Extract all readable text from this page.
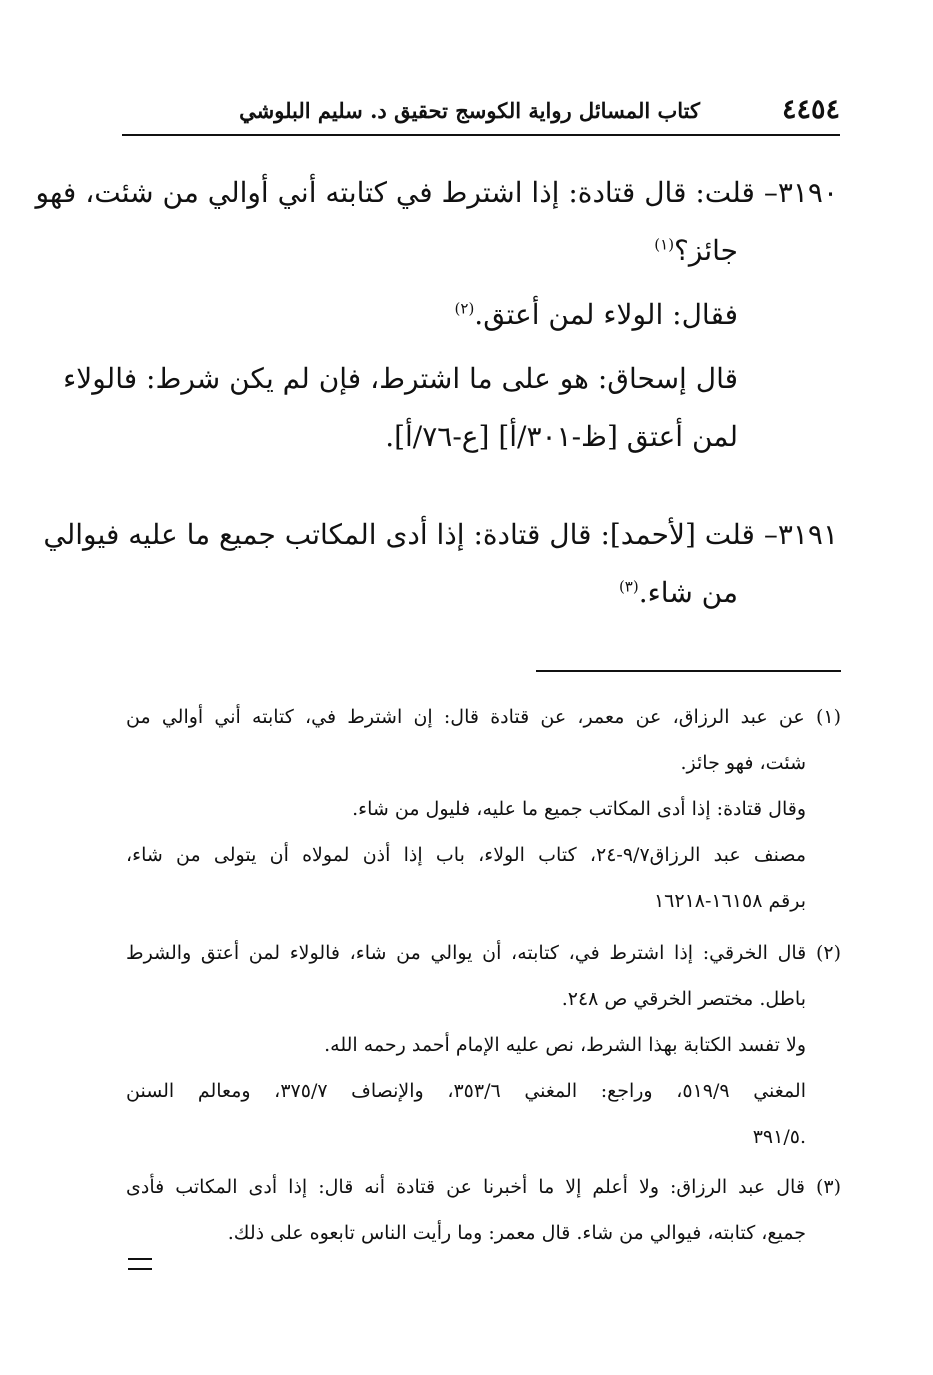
٤٤٥٤
كتاب المسائل رواية الكوسج تحقيق د. سليم البلوشي
٣١٩٠– قلت: قال قتادة: إذا اشترط في كتابته أني أوالي من شئت، فهو
جائز؟$^{(١)}$
فقال: الولاء لمن أعتق.$^{(٢)}$
قال إسحاق: هو على ما اشترط، فإن لم يكن شرط: فالولاء
لمن أعتق [ظ-٣٠١/أ] [ع-٧٦/أ].
٣١٩١– قلت [لأحمد]: قال قتادة: إذا أدى المكاتب جميع ما عليه فيوالي
من شاء.$^{(٣)}$
(١) عن عبد الرزاق، عن معمر، عن قتادة قال: إن اشترط في، كتابته أني أوالي من
شئت، فهو جائز.
وقال قتادة: إذا أدى المكاتب جميع ما عليه، فليول من شاء.
مصنف عبد الرزاق٩/٧-٢٤، كتاب الولاء، باب إذا أذن لمولاه أن يتولى من شاء،
برقم ١٦١٥٨-١٦٢١٨
(٢) قال الخرقي: إذا اشترط في، كتابته، أن يوالي من شاء، فالولاء لمن أعتق والشرط
باطل. مختصر الخرقي ص ٢٤٨.
ولا تفسد الكتابة بهذا الشرط، نص عليه الإمام أحمد رحمه الله.
المغني ٥١٩/٩، وراجع: المغني ٣٥٣/٦، والإنصاف ٣٧٥/٧، ومعالم السنن
٣٩١/٥.
(٣) قال عبد الرزاق: ولا أعلم إلا ما أخبرنا عن قتادة أنه قال: إذا أدى المكاتب فأدى
جميع، كتابته، فيوالي من شاء. قال معمر: وما رأيت الناس تابعوه على ذلك.
